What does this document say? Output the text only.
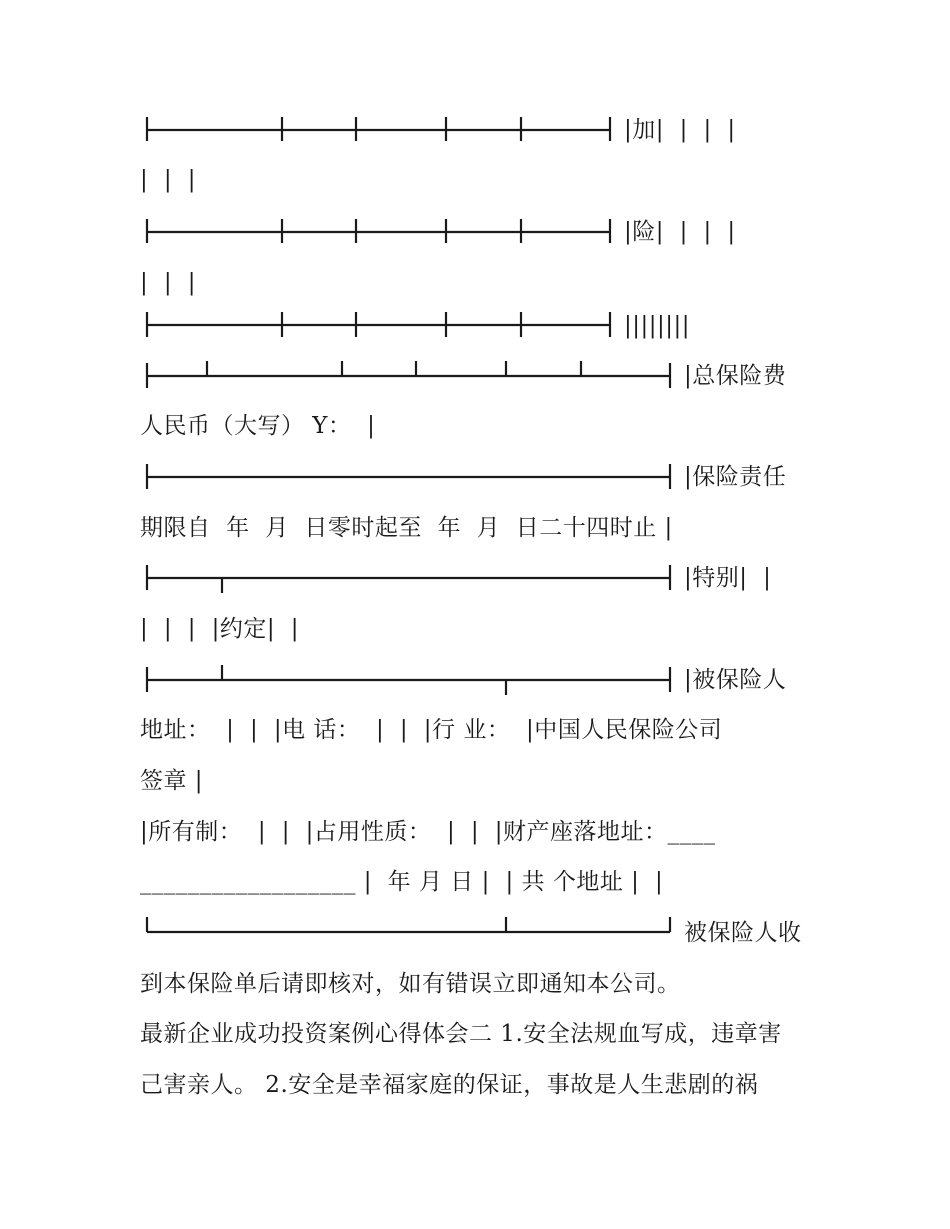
|加|  |  |  |
|  |  |
|险|  |  |  |
|  |  |
||||||||
|总保险费
人民币（大写） Y：  |
|保险责任
期限自  年  月  日零时起至  年  月  日二十四时止 |
|特别|  |
|  |  |  |约定|  |
|被保险人
地址：  |  |  |电 话：  |  |  |行 业：  |中国人民保险公司
签章 |
|所有制：  |  |  |占用性质：  |  |  |财产座落地址：____
__________________ |  年 月 日 |  | 共 个地址 |  |
被保险人收
到本保险单后请即核对，如有错误立即通知本公司。
最新企业成功投资案例心得体会二 1.安全法规血写成，违章害
己害亲人。 2.安全是幸福家庭的保证，事故是人生悲剧的祸
